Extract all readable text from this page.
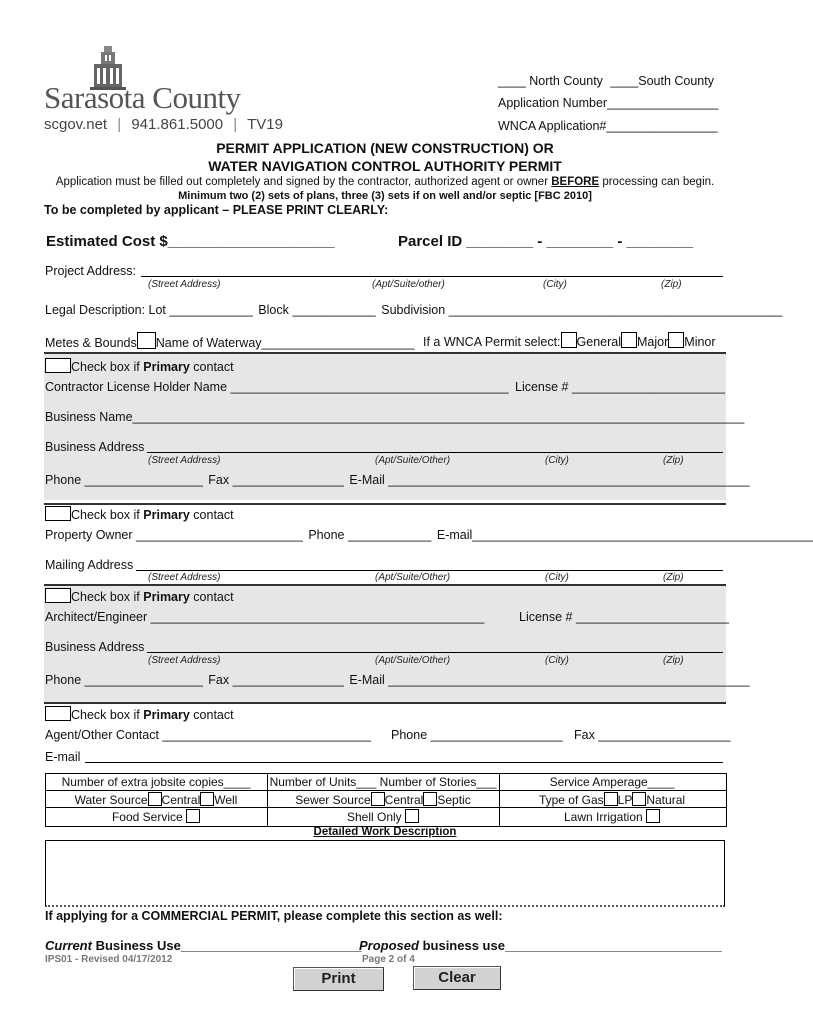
Sarasota County
scgov.net | 941.861.5000 | TV19
____ North County ____South County
Application Number________________
WNCA Application#________________
PERMIT APPLICATION (NEW CONSTRUCTION) OR
WATER NAVIGATION CONTROL AUTHORITY PERMIT
Application must be filled out completely and signed by the contractor, authorized agent or owner BEFORE processing can begin.
Minimum two (2) sets of plans, three (3) sets if on well and/or septic [FBC 2010]
To be completed by applicant – PLEASE PRINT CLEARLY:
Estimated Cost $____________________	Parcel ID ________ - ________ - ________
Project Address:
(Street Address)	(Apt/Suite/other)	(City)	(Zip)
Legal Description: Lot ____________ Block ____________ Subdivision ________________________________________________
Metes & Bounds Name of Waterway______________________ If a WNCA Permit select: General Major Minor
Check box if Primary contact
Contractor License Holder Name ________________________________________ License # ______________________
Business Name________________________________________________________________________________________
Business Address
(Street Address)	(Apt/Suite/Other)	(City)	(Zip)
Phone _________________ Fax ________________ E-Mail ____________________________________________________
Check box if Primary contact
Property Owner ________________________ Phone ____________ E-mail_________________________________________________
Mailing Address
(Street Address)	(Apt/Suite/Other)	(City)	(Zip)
Check box if Primary contact
Architect/Engineer ________________________________________________	License # ______________________
Business Address
(Street Address)	(Apt/Suite/Other)	(City)	(Zip)
Phone _________________ Fax ________________ E-Mail ____________________________________________________
Check box if Primary contact
Agent/Other Contact ______________________________ Phone ___________________ Fax ___________________
E-mail
Number of extra jobsite copies____	Number of Units___ Number of Stories___	Service Amperage____
Water Source Central Well	Sewer Source Central Septic	Type of Gas LP Natural
Food Service	Shell Only	Lawn Irrigation
Detailed Work Description
If applying for a COMMERCIAL PERMIT, please complete this section as well:
Current Business Use_________________________
Proposed business use______________________________
IPS01 - Revised 04/17/2012	Page 2 of 4
Print	Clear
